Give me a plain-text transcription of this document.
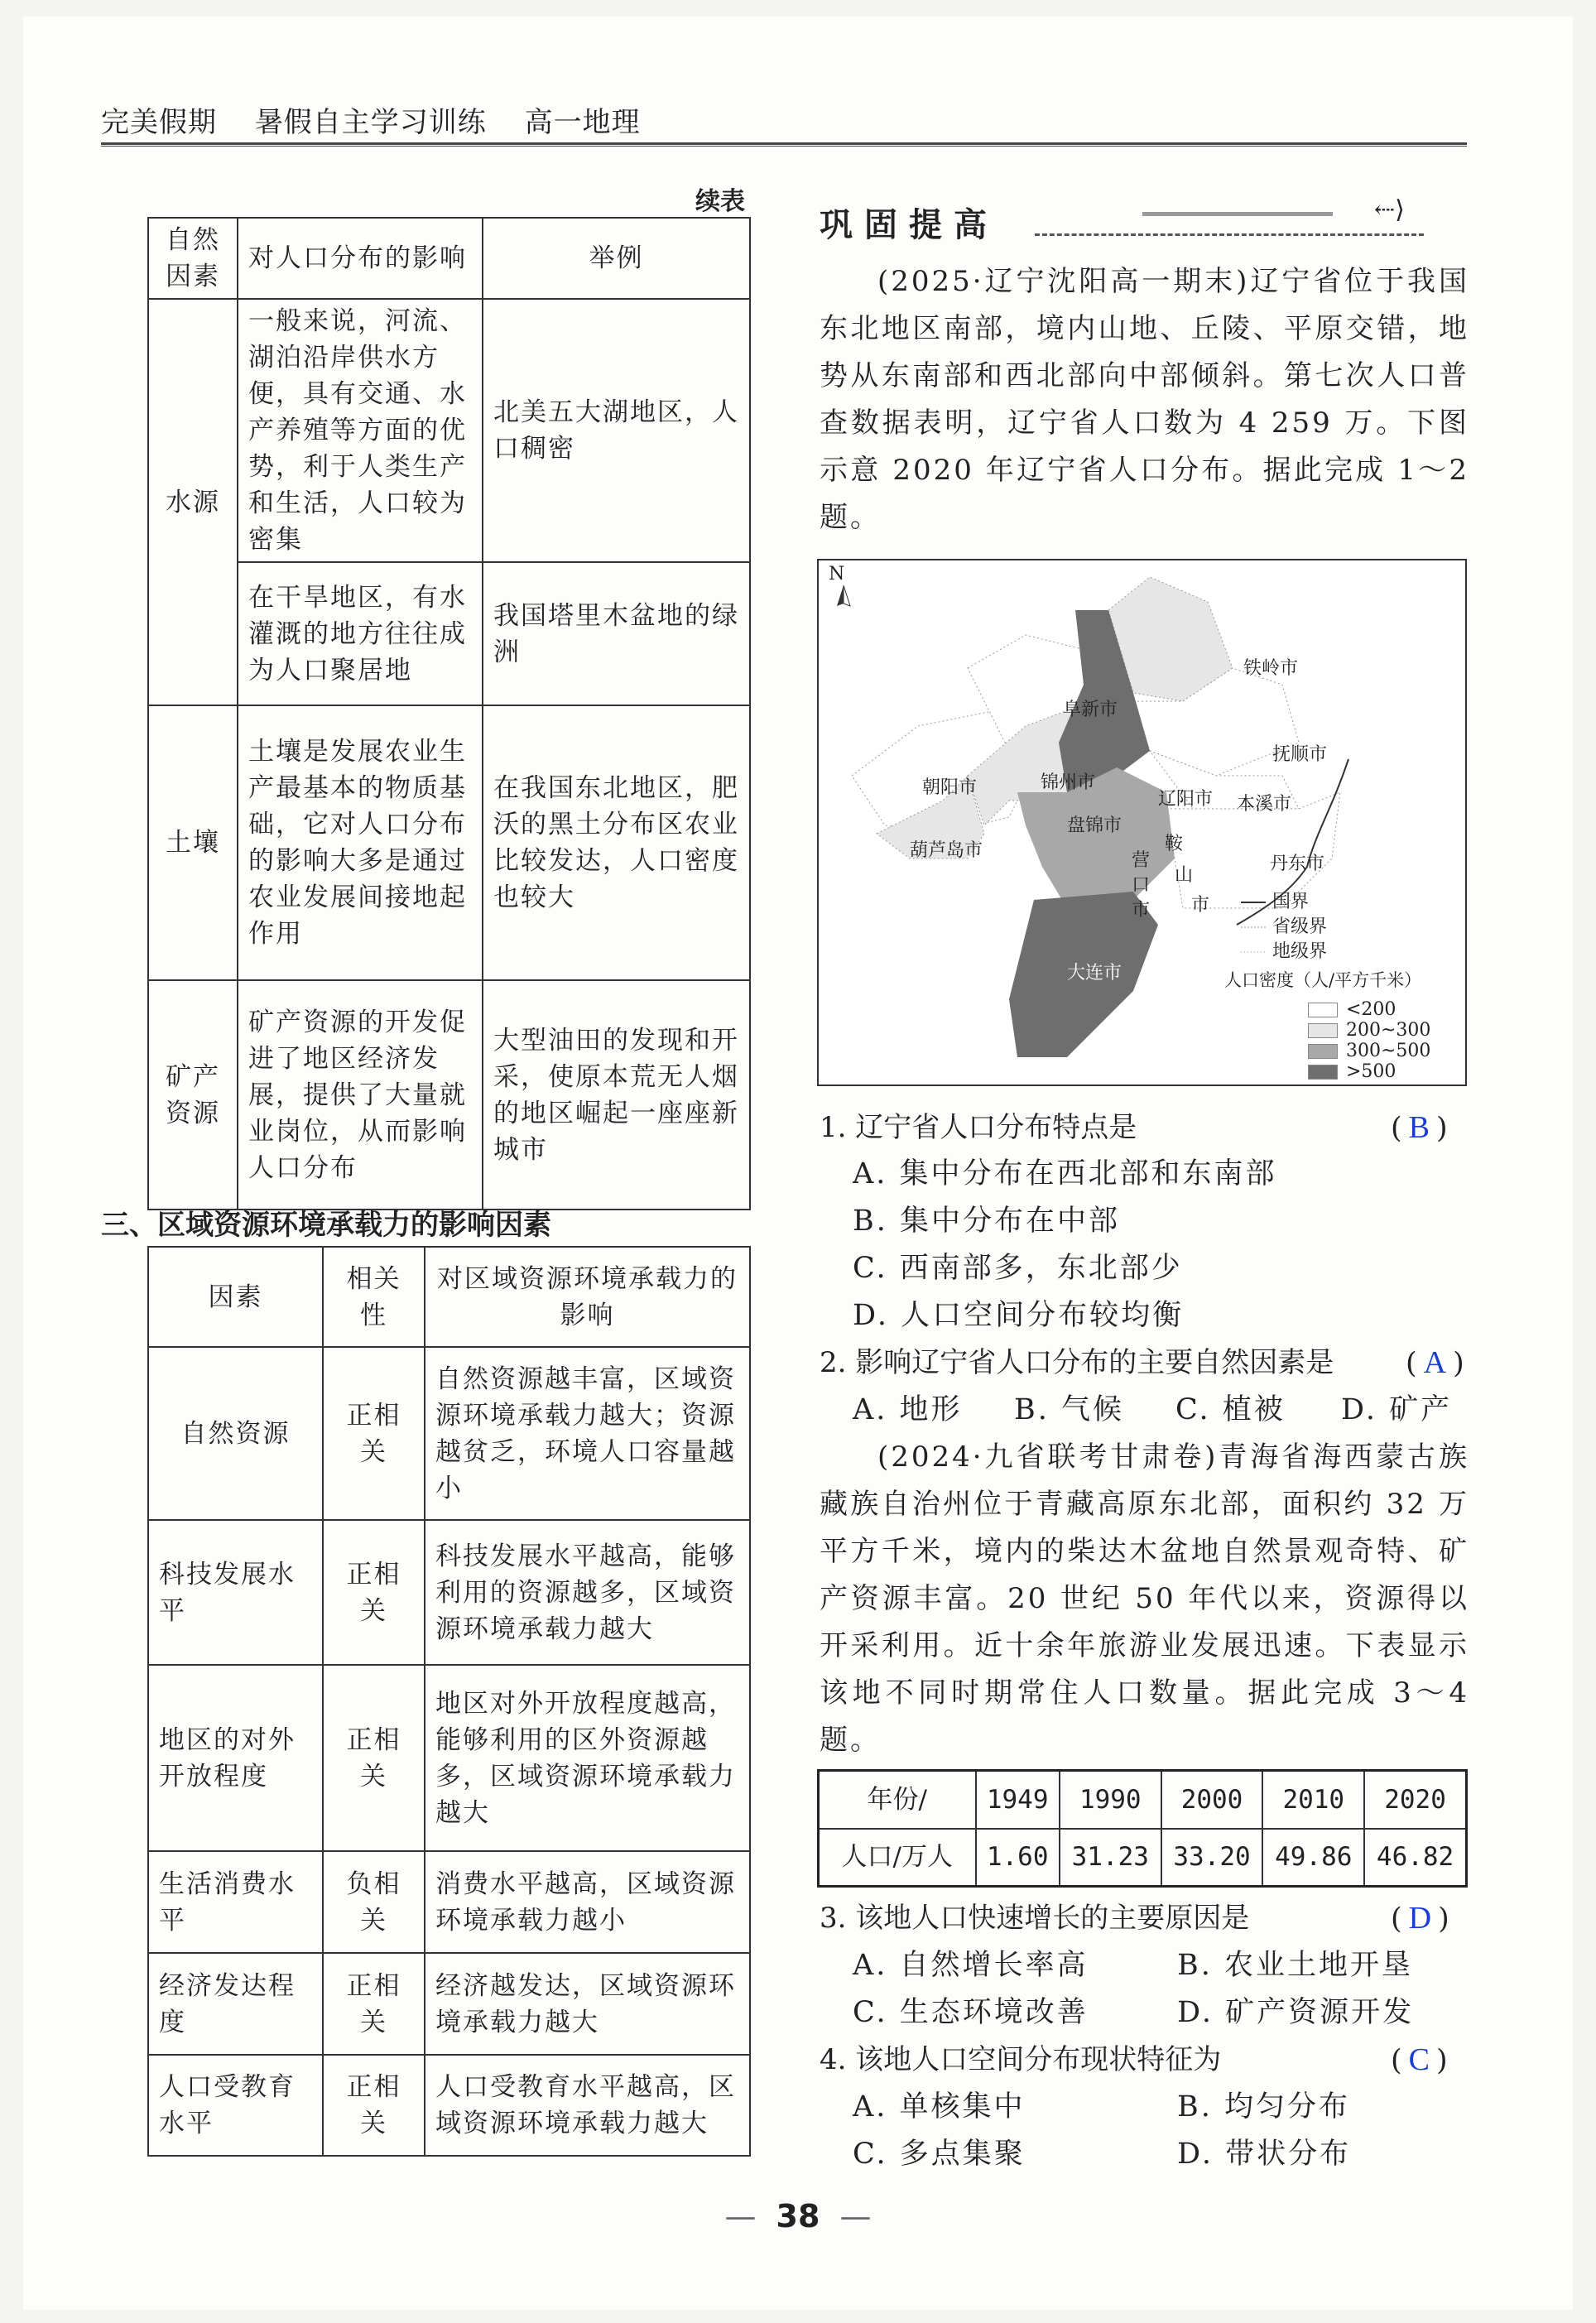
完美假期 暑假自主学习训练 高一地理
续表
自然因素	对人口分布的影响	举例
水源	一般来说，河流、湖泊沿岸供水方便，具有交通、水产养殖等方面的优势，利于人类生产和生活，人口较为密集	北美五大湖地区，人口稠密
	在干旱地区，有水灌溉的地方往往成为人口聚居地	我国塔里木盆地的绿洲
土壤	土壤是发展农业生产最基本的物质基础，它对人口分布的影响大多是通过农业发展间接地起作用	在我国东北地区，肥沃的黑土分布区农业比较发达，人口密度也较大
矿产资源	矿产资源的开发促进了地区经济发展，提供了大量就业岗位，从而影响人口分布	大型油田的发现和开采，使原本荒无人烟的地区崛起一座座新城市
三、区域资源环境承载力的影响因素
因素	相关性	对区域资源环境承载力的影响
自然资源	正相关	自然资源越丰富，区域资源环境承载力越大；资源越贫乏，环境人口容量越小
科技发展水平	正相关	科技发展水平越高，能够利用的资源越多，区域资源环境承载力越大
地区的对外开放程度	正相关	地区对外开放程度越高，能够利用的区外资源越多，区域资源环境承载力越大
生活消费水平	负相关	消费水平越高，区域资源环境承载力越小
经济发达程度	正相关	经济越发达，区域资源环境承载力越大
人口受教育水平	正相关	人口受教育水平越高，区域资源环境承载力越大
巩固提高	⇠⟩
(2025·辽宁沈阳高一期末)辽宁省位于我国东北地区南部，境内山地、丘陵、平原交错，地势从东南部和西北部向中部倾斜。第七次人口普查数据表明，辽宁省人口数为 4 259 万。下图示意 2020 年辽宁省人口分布。据此完成 1～2 题。
N
铁岭市
阜新市
沈阳市
抚顺市
朝阳市	锦州市
辽阳市 本溪市
盘锦市
鞍
山
市
营
口
市
葫芦岛市
丹东市
大连市
国界
省级界
地级界
人口密度（人/平方千米）
<200
200~300
300~500
>500
1. 辽宁省人口分布特点是	( B )
A. 集中分布在西北部和东南部
B. 集中分布在中部
C. 西南部多，东北部少
D. 人口空间分布较均衡
2. 影响辽宁省人口分布的主要自然因素是 ( A )
A. 地形 B. 气候 C. 植被 D. 矿产
(2024·九省联考甘肃卷)青海省海西蒙古族藏族自治州位于青藏高原东北部，面积约 32 万平方千米，境内的柴达木盆地自然景观奇特、矿产资源丰富。20 世纪 50 年代以来，资源得以开采利用。近十余年旅游业发展迅速。下表显示该地不同时期常住人口数量。据此完成 3～4 题。
年份/	1949	1990	2000	2010	2020
人口/万人	1.60	31.23	33.20	49.86	46.82
3. 该地人口快速增长的主要原因是	( D )
A. 自然增长率高	B. 农业土地开垦
C. 生态环境改善	D. 矿产资源开发
4. 该地人口空间分布现状特征为	( C )
A. 单核集中	B. 均匀分布
C. 多点集聚	D. 带状分布
— 38 —
